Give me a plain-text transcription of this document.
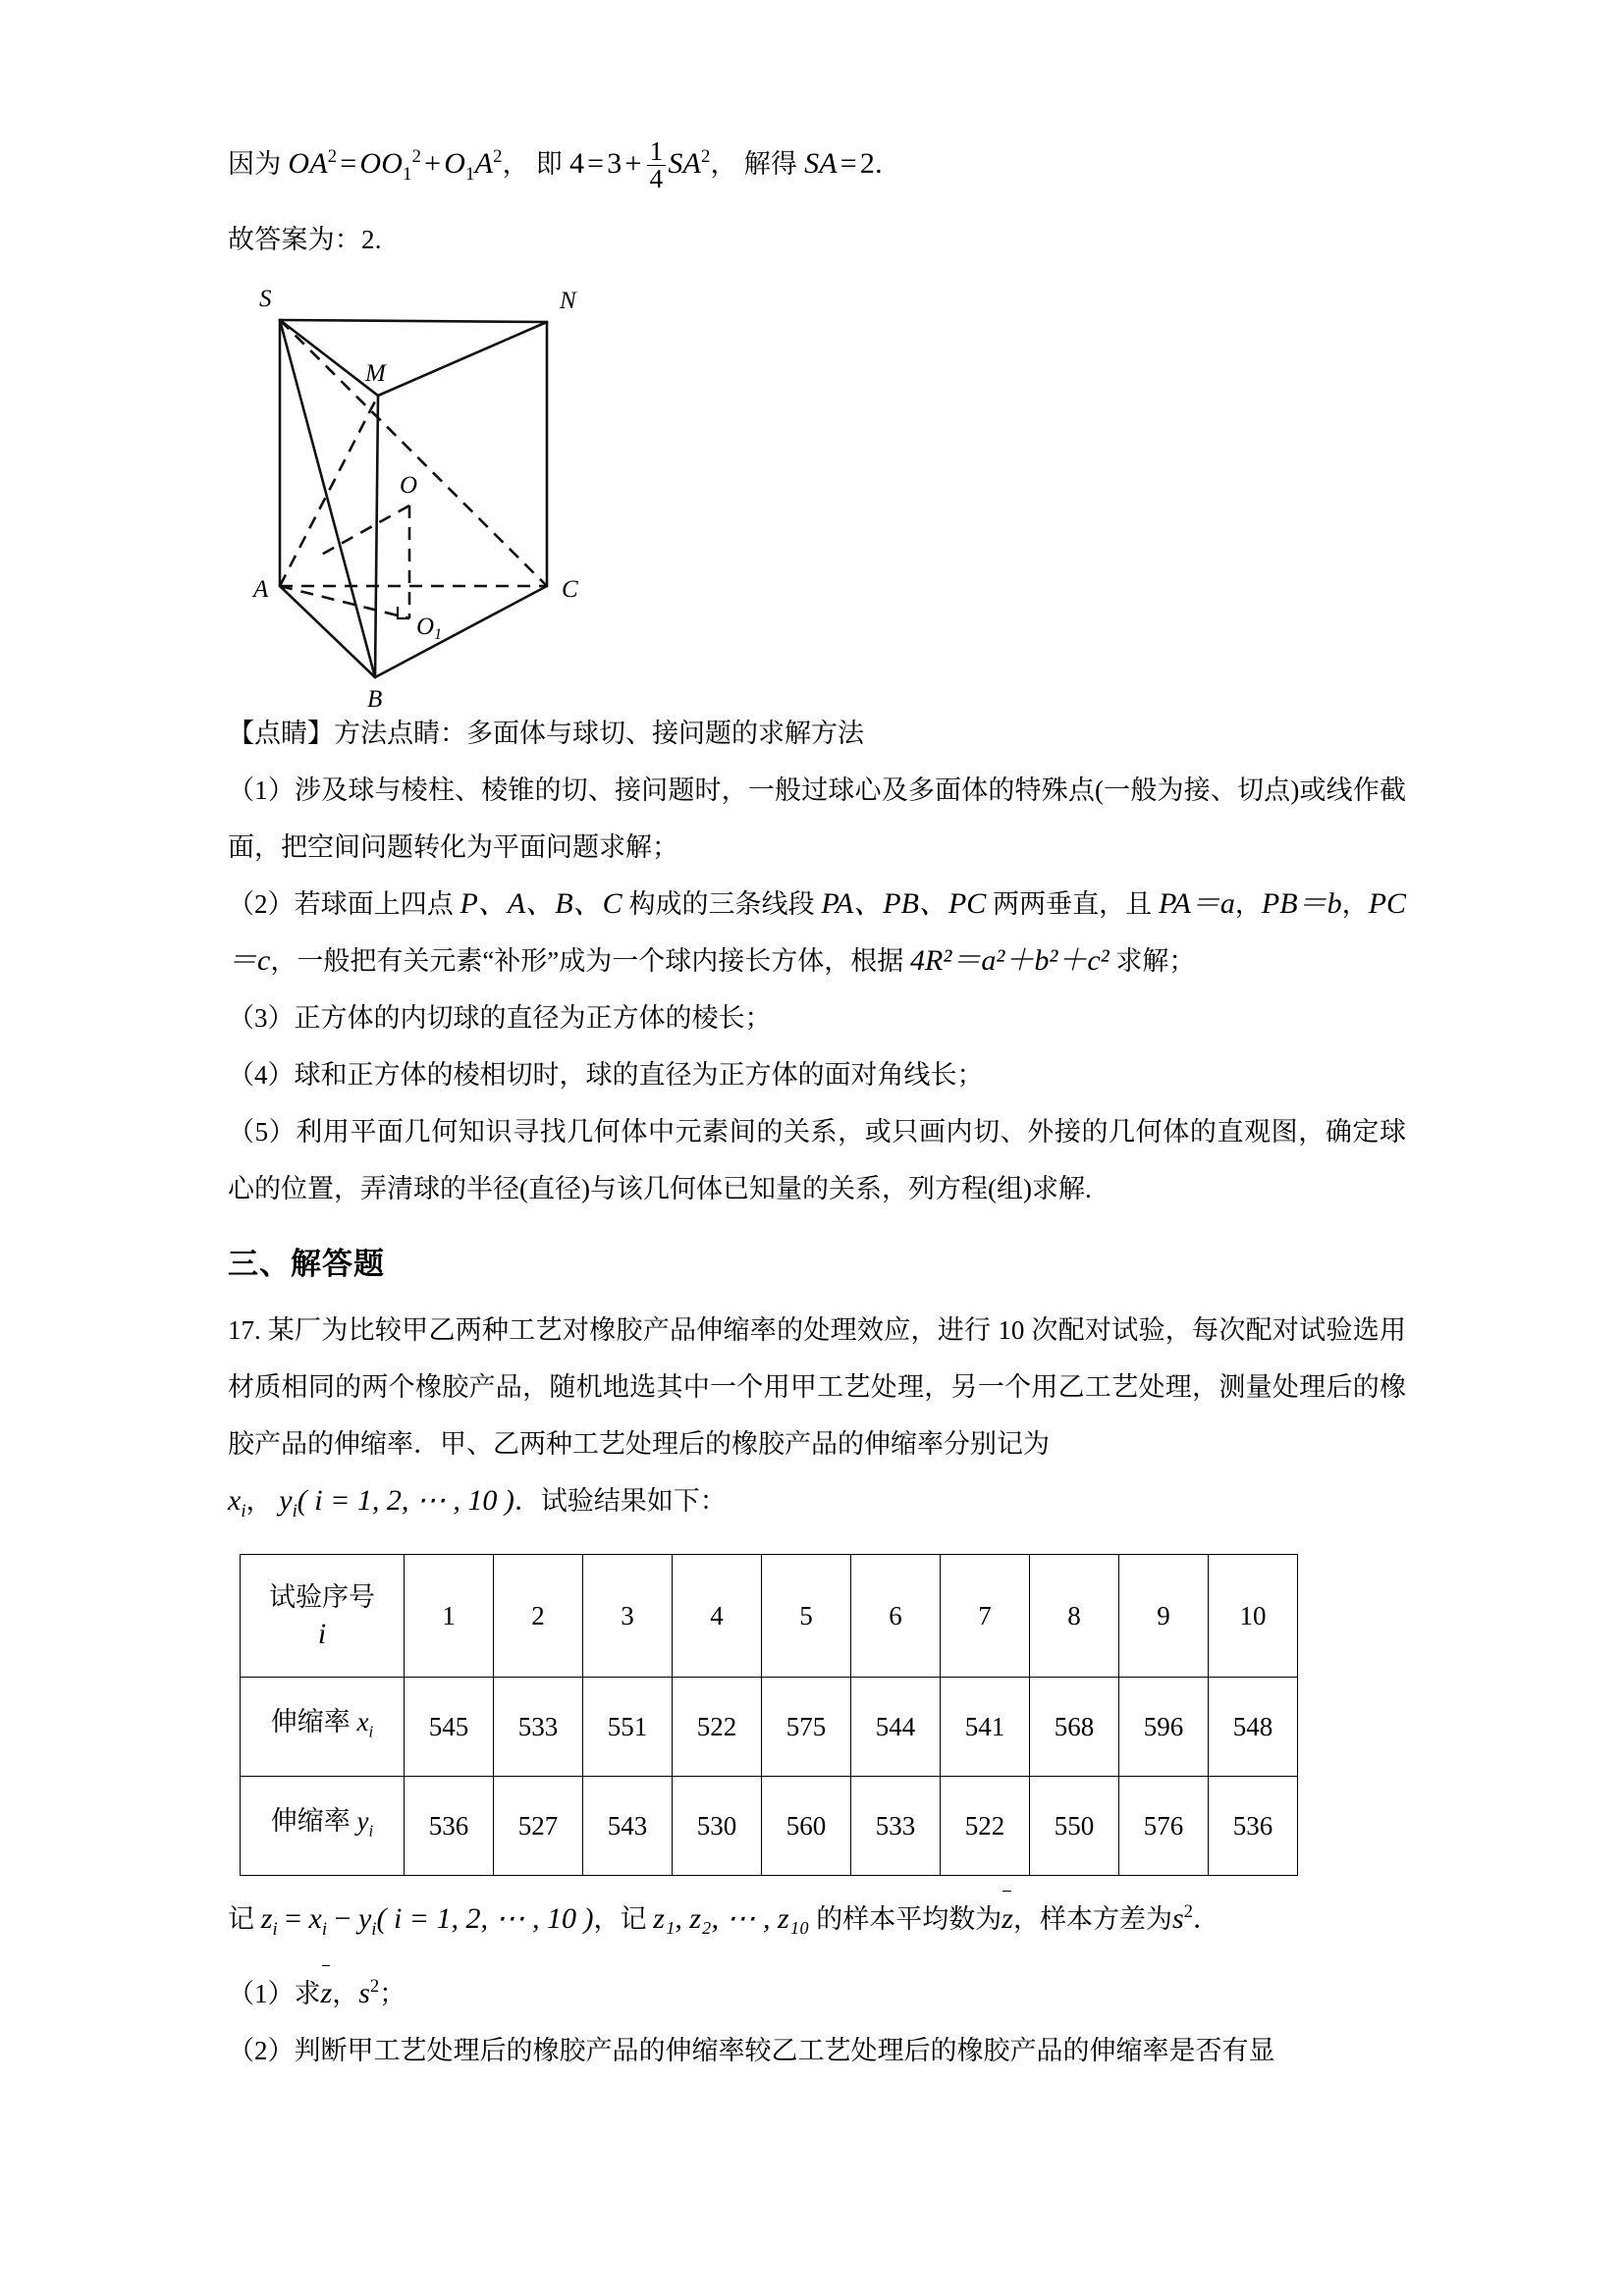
因为 $OA^2 = OO_1^2 + O_1A^2$， 即 $4 = 3 + \frac{1}{4} SA^2$， 解得 SA = 2.
故答案为：2.
S	N
M
A	C
B
O
$O_1$
【点睛】方法点睛：多面体与球切、接问题的求解方法
（1）涉及球与棱柱、棱锥的切、接问题时，一般过球心及多面体的特殊点(一般为接、切点)或线作截面，把空间问题转化为平面问题求解；
（2）若球面上四点 P、A、B、C 构成的三条线段 PA、PB、PC 两两垂直，且 PA＝a，PB＝b，PC＝c，一般把有关元素“补形”成为一个球内接长方体，根据 4R²＝a²＋b²＋c² 求解；
（3）正方体的内切球的直径为正方体的棱长；
（4）球和正方体的棱相切时，球的直径为正方体的面对角线长；
（5）利用平面几何知识寻找几何体中元素间的关系，或只画内切、外接的几何体的直观图，确定球心的位置，弄清球的半径(直径)与该几何体已知量的关系，列方程(组)求解.
三、解答题
17. 某厂为比较甲乙两种工艺对橡胶产品伸缩率的处理效应，进行 10 次配对试验，每次配对试验选用材质相同的两个橡胶产品，随机地选其中一个用甲工艺处理，另一个用乙工艺处理，测量处理后的橡胶产品的伸缩率．甲、乙两种工艺处理后的橡胶产品的伸缩率分别记为
$x_i$， $y_i$( i = 1, 2, ⋯ , 10 )．试验结果如下：
试验序号
i	1	2	3	4	5	6	7	8	9	10
伸缩率 $x_i$	545	533	551	522	575	544	541	568	596	548
伸缩率 $y_i$	536	527	543	530	560	533	522	550	576	536
记 $z_i = x_i - y_i$( i = 1, 2, ⋯ , 10 )，记 z₁, z₂, ⋯ , z₁₀ 的样本平均数为z，样本方差为$s^2$．
（1）求z，$s^2$；
（2）判断甲工艺处理后的橡胶产品的伸缩率较乙工艺处理后的橡胶产品的伸缩率是否有显
